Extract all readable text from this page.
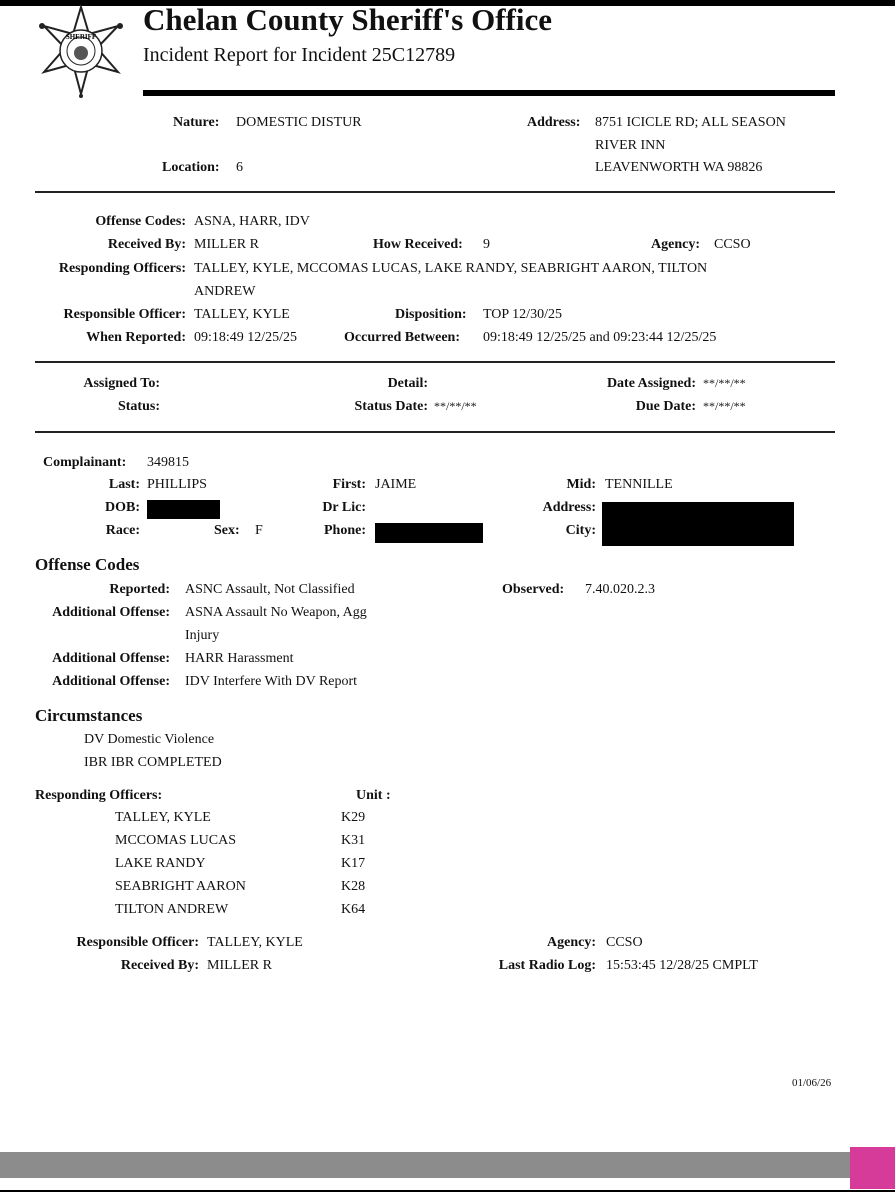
SHERIFF Chelan County Sheriff's Office
Incident Report for Incident 25C12789
Nature: DOMESTIC DISTUR
Location: 6
Address: 8751 ICICLE RD; ALL SEASON
RIVER INN
LEAVENWORTH WA 98826
Offense Codes: ASNA, HARR, IDV
Received By: MILLER R	How Received: 9	Agency: CCSO
Responding Officers: TALLEY, KYLE, MCCOMAS LUCAS, LAKE RANDY, SEABRIGHT AARON, TILTON
ANDREW
Responsible Officer: TALLEY, KYLE	Disposition: TOP 12/30/25
When Reported: 09:18:49 12/25/25	Occurred Between: 09:18:49 12/25/25 and 09:23:44 12/25/25
Assigned To:
Status:
Detail:
Status Date: **/**/**
Date Assigned: **/**/**
Due Date: **/**/**
Complainant: 349815
Last: PHILLIPS	First: JAIME	Mid: TENNILLE
DOB:	Dr Lic:	Address:
Race:	Sex: F	Phone:	City:
Offense Codes
Reported: ASNC Assault, Not Classified	Observed: 7.40.020.2.3
Additional Offense: ASNA Assault No Weapon, Agg
Injury
Additional Offense: HARR Harassment
Additional Offense: IDV Interfere With DV Report
Circumstances
DV Domestic Violence
IBR IBR COMPLETED
Responding Officers:	Unit :
TALLEY, KYLE	K29
MCCOMAS LUCAS	K31
LAKE RANDY	K17
SEABRIGHT AARON	K28
TILTON ANDREW	K64
Responsible Officer: TALLEY, KYLE
Received By: MILLER R
Agency: CCSO
Last Radio Log: 15:53:45 12/28/25 CMPLT
01/06/26
